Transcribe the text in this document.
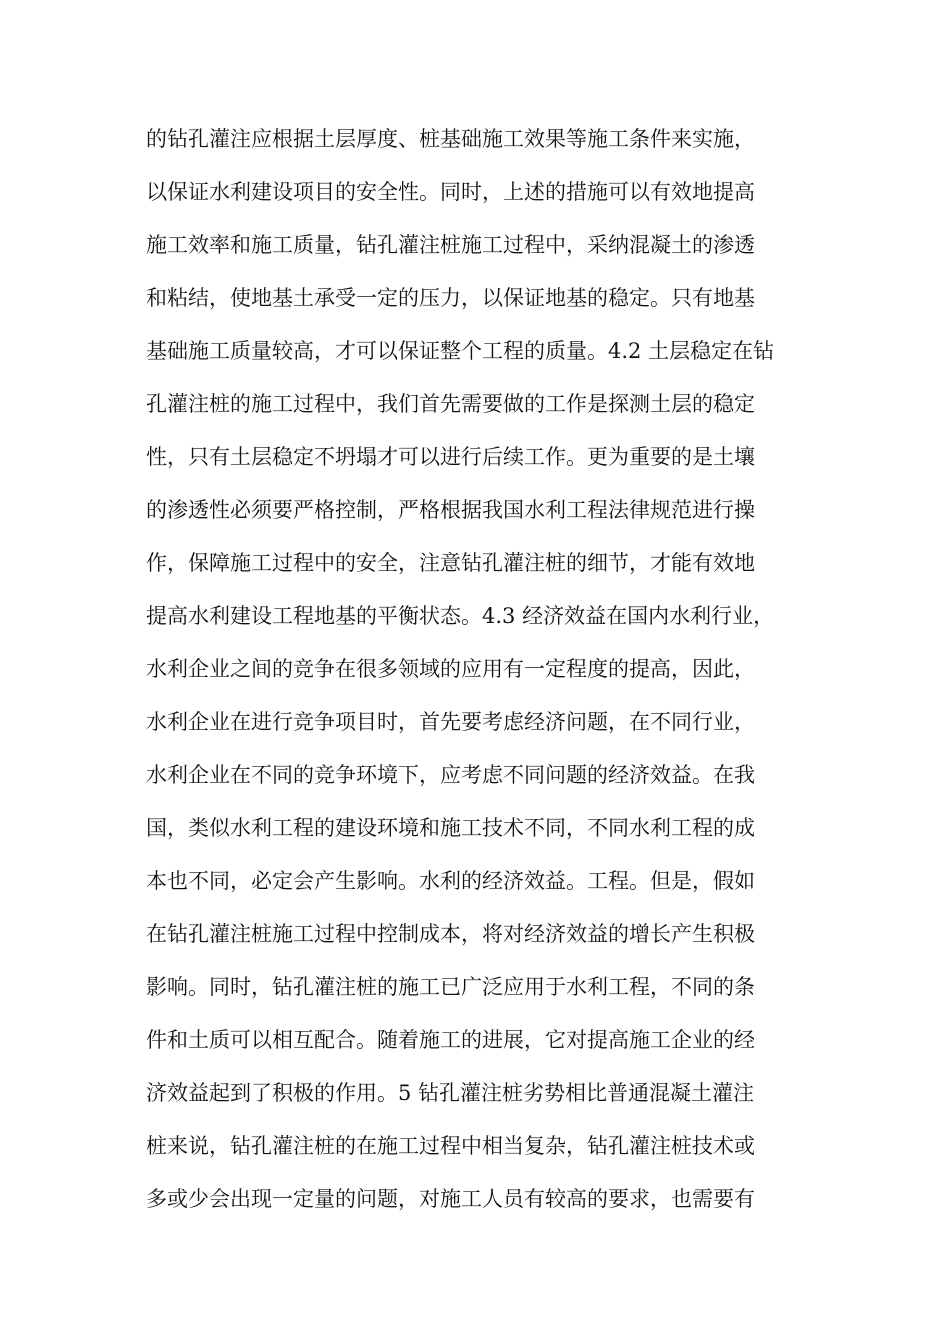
的钻孔灌注应根据土层厚度、桩基础施工效果等施工条件来实施，
以保证水利建设项目的安全性。同时，上述的措施可以有效地提高
施工效率和施工质量，钻孔灌注桩施工过程中，采纳混凝土的渗透
和粘结，使地基土承受一定的压力，以保证地基的稳定。只有地基
基础施工质量较高，才可以保证整个工程的质量。4.2 土层稳定在钻
孔灌注桩的施工过程中，我们首先需要做的工作是探测土层的稳定
性，只有土层稳定不坍塌才可以进行后续工作。更为重要的是土壤
的渗透性必须要严格控制，严格根据我国水利工程法律规范进行操
作，保障施工过程中的安全，注意钻孔灌注桩的细节，才能有效地
提高水利建设工程地基的平衡状态。4.3 经济效益在国内水利行业，
水利企业之间的竞争在很多领域的应用有一定程度的提高，因此，
水利企业在进行竞争项目时，首先要考虑经济问题，在不同行业，
水利企业在不同的竞争环境下，应考虑不同问题的经济效益。在我
国，类似水利工程的建设环境和施工技术不同，不同水利工程的成
本也不同，必定会产生影响。水利的经济效益。工程。但是，假如
在钻孔灌注桩施工过程中控制成本，将对经济效益的增长产生积极
影响。同时，钻孔灌注桩的施工已广泛应用于水利工程，不同的条
件和土质可以相互配合。随着施工的进展，它对提高施工企业的经
济效益起到了积极的作用。5 钻孔灌注桩劣势相比普通混凝土灌注
桩来说，钻孔灌注桩的在施工过程中相当复杂，钻孔灌注桩技术或
多或少会出现一定量的问题，对施工人员有较高的要求，也需要有
